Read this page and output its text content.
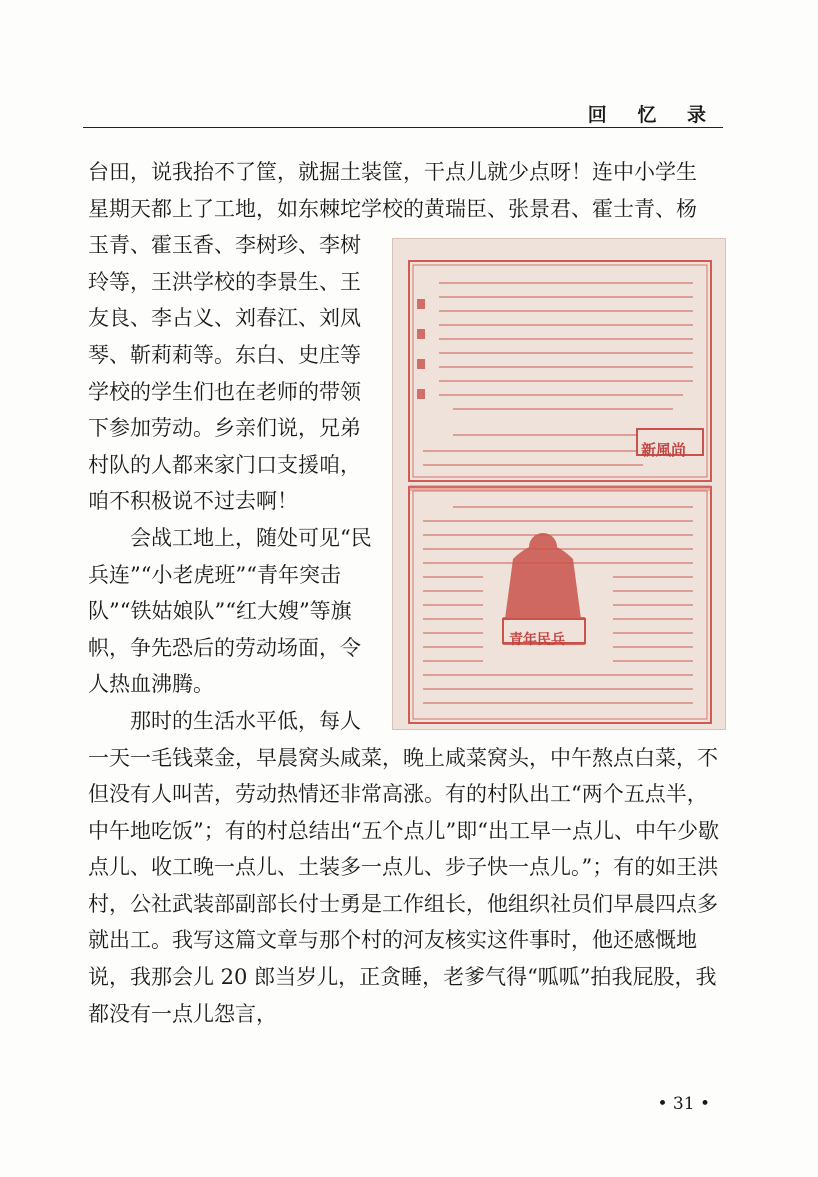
回 忆 录

台田，说我抬不了筐，就掘土装筐，干点儿就少点呀！连中小学生

星期天都上了工地，如东棘坨学校的黄瑞臣、张景君、霍士青、杨

新風尚
青年民兵

玉青、霍玉香、李树珍、李树玲等，王洪学校的李景生、王友良、李占义、刘春江、刘凤琴、靳莉莉等。东白、史庄等学校的学生们也在老师的带领下参加劳动。乡亲们说，兄弟村队的人都来家门口支援咱，咱不积极说不过去啊！

会战工地上，随处可见“民兵连”“小老虎班”“青年突击队”“铁姑娘队”“红大嫂”等旗帜，争先恐后的劳动场面，令人热血沸腾。

那时的生活水平低，每人一天一毛钱菜金，早晨窝头咸菜，晚上咸菜窝头，中午熬点白菜，不但没有人叫苦，劳动热情还非常高涨。有的村队出工“两个五点半，中午地吃饭”；有的村总结出“五个点儿”即“出工早一点儿、中午少歇点儿、收工晚一点儿、土装多一点儿、步子快一点儿。”；有的如王洪村，公社武装部副部长付士勇是工作组长，他组织社员们早晨四点多就出工。我写这篇文章与那个村的河友核实这件事时，他还感慨地说，我那会儿 20 郎当岁儿，正贪睡，老爹气得“呱呱”拍我屁股，我都没有一点儿怨言，

• 31 •
